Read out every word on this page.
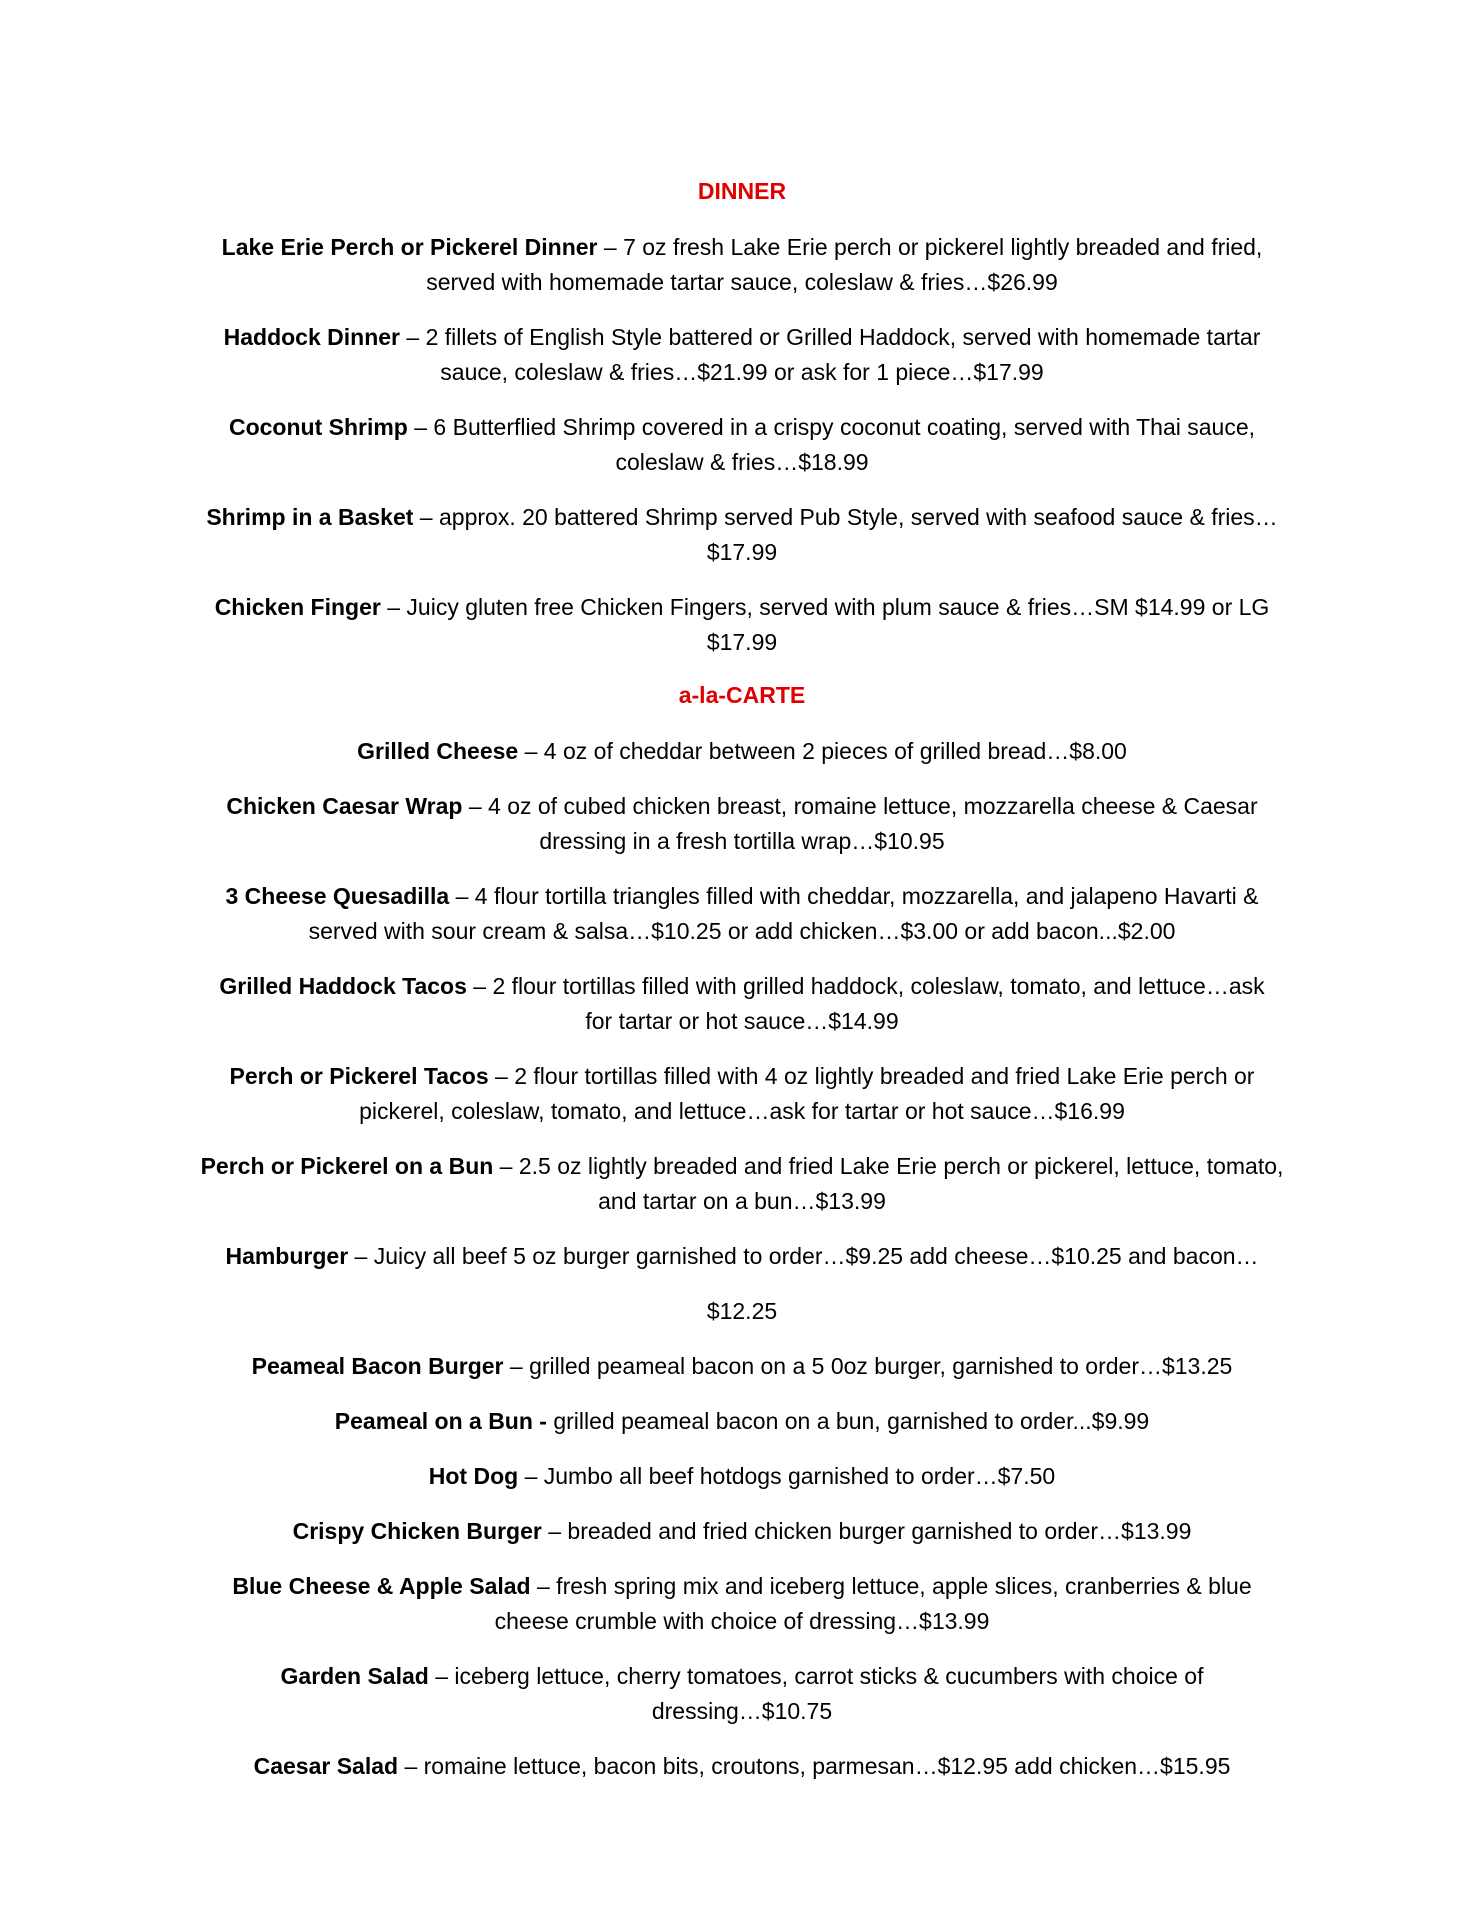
DINNER
Lake Erie Perch or Pickerel Dinner – 7 oz fresh Lake Erie perch or pickerel lightly breaded and fried,
served with homemade tartar sauce, coleslaw & fries…$26.99
Haddock Dinner – 2 fillets of English Style battered or Grilled Haddock, served with homemade tartar
sauce, coleslaw & fries…$21.99 or ask for 1 piece…$17.99
Coconut Shrimp – 6 Butterflied Shrimp covered in a crispy coconut coating, served with Thai sauce,
coleslaw & fries…$18.99
Shrimp in a Basket – approx. 20 battered Shrimp served Pub Style, served with seafood sauce & fries…
$17.99
Chicken Finger – Juicy gluten free Chicken Fingers, served with plum sauce & fries…SM $14.99 or LG
$17.99
a-la-CARTE
Grilled Cheese – 4 oz of cheddar between 2 pieces of grilled bread…$8.00
Chicken Caesar Wrap – 4 oz of cubed chicken breast, romaine lettuce, mozzarella cheese & Caesar
dressing in a fresh tortilla wrap…$10.95
3 Cheese Quesadilla – 4 flour tortilla triangles filled with cheddar, mozzarella, and jalapeno Havarti &
served with sour cream & salsa…$10.25 or add chicken…$3.00 or add bacon...$2.00
Grilled Haddock Tacos – 2 flour tortillas filled with grilled haddock, coleslaw, tomato, and lettuce…ask
for tartar or hot sauce…$14.99
Perch or Pickerel Tacos – 2 flour tortillas filled with 4 oz lightly breaded and fried Lake Erie perch or
pickerel, coleslaw, tomato, and lettuce…ask for tartar or hot sauce…$16.99
Perch or Pickerel on a Bun – 2.5 oz lightly breaded and fried Lake Erie perch or pickerel, lettuce, tomato,
and tartar on a bun…$13.99
Hamburger – Juicy all beef 5 oz burger garnished to order…$9.25 add cheese…$10.25 and bacon…
$12.25
Peameal Bacon Burger – grilled peameal bacon on a 5 0oz burger, garnished to order…$13.25
Peameal on a Bun - grilled peameal bacon on a bun, garnished to order...$9.99
Hot Dog – Jumbo all beef hotdogs garnished to order…$7.50
Crispy Chicken Burger – breaded and fried chicken burger garnished to order…$13.99
Blue Cheese & Apple Salad – fresh spring mix and iceberg lettuce, apple slices, cranberries & blue
cheese crumble with choice of dressing…$13.99
Garden Salad – iceberg lettuce, cherry tomatoes, carrot sticks & cucumbers with choice of
dressing…$10.75
Caesar Salad – romaine lettuce, bacon bits, croutons, parmesan…$12.95 add chicken…$15.95
